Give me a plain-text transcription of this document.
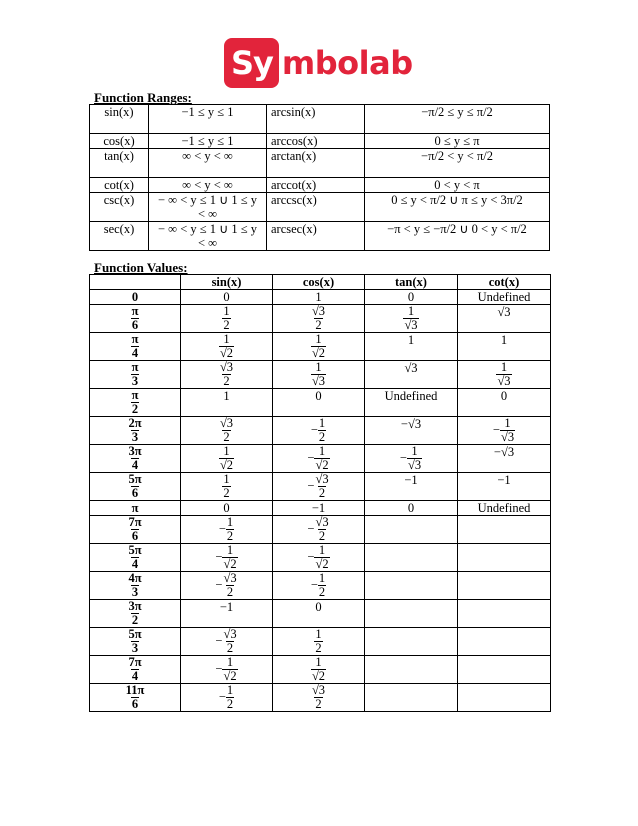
Sy mbolab
Function Ranges:
sin(x)	−1 ≤ y ≤ 1	arcsin(x)	−π/2 ≤ y ≤ π/2
cos(x)	−1 ≤ y ≤ 1	arccos(x)	0 ≤ y ≤ π
tan(x)	∞ < y < ∞	arctan(x)	−π/2 < y < π/2
cot(x)	∞ < y < ∞	arccot(x)	0 < y < π
csc(x)	− ∞ < y ≤ 1 ∪ 1 ≤ y < ∞	arccsc(x)	0 ≤ y < π/2 ∪ π ≤ y < 3π/2
sec(x)	− ∞ < y ≤ 1 ∪ 1 ≤ y < ∞	arcsec(x)	−π < y ≤ −π/2 ∪ 0 < y < π/2
Function Values:
	sin(x)	cos(x)	tan(x)	cot(x)
0	0	1	0	Undefined

$\frac{\pi}{6}$	$\frac{1}{2}$	$\frac{√3}{2}$	$\frac{1}{√3}$	√3

$\frac{\pi}{4}$	$\frac{1}{√2}$	$\frac{1}{√2}$	1	1

$\frac{\pi}{3}$	$\frac{√3}{2}$	$\frac{1}{√3}$	√3	$\frac{1}{√3}$

$\frac{\pi}{2}$	1	0	Undefined	0

$\frac{2\pi}{3}$	$\frac{√3}{2}$	− $\frac{1}{2}$	−√3	− $\frac{1}{√3}$

$\frac{3\pi}{4}$	$\frac{1}{√2}$	− $\frac{1}{√2}$	− $\frac{1}{√3}$	−√3

$\frac{5\pi}{6}$	$\frac{1}{2}$	− $\frac{√3}{2}$	−1	−1
π	0	−1	0	Undefined

$\frac{7\pi}{6}$	− $\frac{1}{2}$	− $\frac{√3}{2}$

$\frac{5\pi}{4}$	− $\frac{1}{√2}$	− $\frac{1}{√2}$

$\frac{4\pi}{3}$	− $\frac{√3}{2}$	− $\frac{1}{2}$

$\frac{3\pi}{2}$	−1	0		

$\frac{5\pi}{3}$	− $\frac{√3}{2}$	$\frac{1}{2}$

$\frac{7\pi}{4}$	− $\frac{1}{√2}$	$\frac{1}{√2}$

$\frac{11\pi}{6}$	− $\frac{1}{2}$	$\frac{√3}{2}$
